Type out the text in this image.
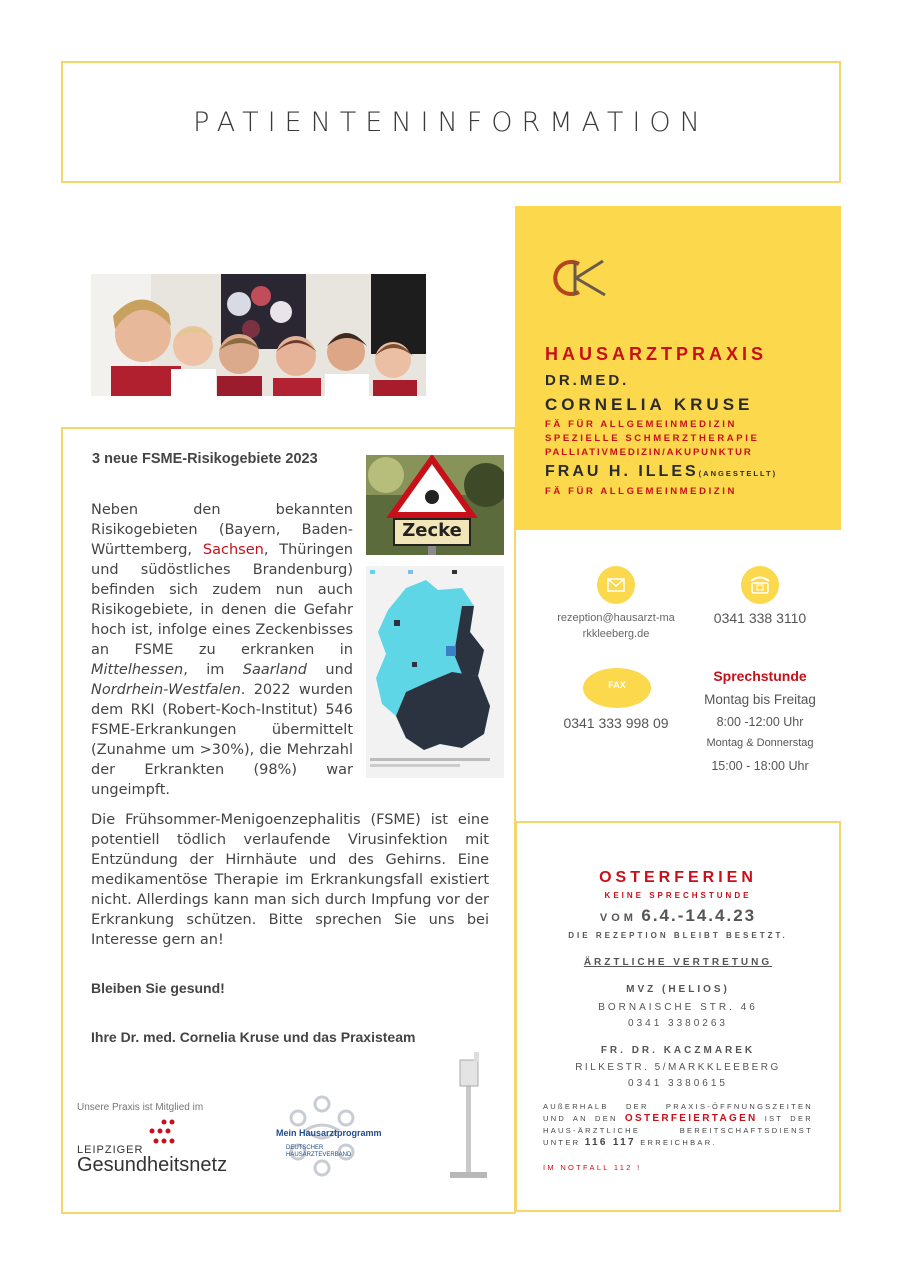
PATIENTENINFORMATION
HAUSARZTPRAXIS
DR.MED.
CORNELIA KRUSE
FÄ FÜR ALLGEMEINMEDIZIN
SPEZIELLE SCHMERZTHERAPIE
PALLIATIVMEDIZIN/AKUPUNKTUR
FRAU H. ILLES(ANGESTELLT)
FÄ FÜR ALLGEMEINMEDIZIN
3 neue FSME-Risikogebiete 2023
Neben den bekannten Risikogebieten (Bayern, Baden-Württemberg, Sachsen, Thüringen und südöstliches Brandenburg) befinden sich zudem nun auch Risikogebiete, in denen die Gefahr hoch ist, infolge eines Zeckenbisses an FSME zu erkranken in Mittelhessen, im Saarland und Nordrhein-Westfalen. 2022 wurden dem RKI (Robert-Koch-Institut) 546 FSME-Erkrankungen übermittelt (Zunahme um >30%), die Mehrzahl der Erkrankten (98%) war ungeimpft.
Zecke
Die Frühsommer-Menigoenzephalitis (FSME) ist eine potentiell tödlich verlaufende Virusinfektion mit Entzündung der Hirnhäute und des Gehirns. Eine medikamentöse Therapie im Erkrankungsfall existiert nicht. Allerdings kann man sich durch Impfung vor der Erkrankung schützen. Bitte sprechen Sie uns bei Interesse gern an!
Bleiben Sie gesund!
Ihre Dr. med. Cornelia Kruse und das Praxisteam
Unsere Praxis ist Mitglied im
LEIPZIGER
Gesundheitsnetz
Mein Hausarztprogramm
DEUTSCHER HAUSÄRZTEVERBAND
rezeption@hausarzt-markkleeberg.de
0341 338 3110
FAX
0341 333 998 09
Sprechstunde
Montag bis Freitag
8:00 -12:00 Uhr
Montag & Donnerstag
15:00 - 18:00 Uhr
OSTERFERIEN
KEINE SPRECHSTUNDE
VOM 6.4.-14.4.23
DIE REZEPTION BLEIBT BESETZT.
ÄRZTLICHE VERTRETUNG
MVZ (HELIOS)
BORNAISCHE STR. 46
0341 3380263
FR. DR. KACZMAREK
RILKESTR. 5/MARKKLEEBERG
0341 3380615
AUßERHALB DER PRAXIS-ÖFFNUNGSZEITEN UND AN DEN OSTERFEIERTAGEN IST DER HAUS-ÄRZTLICHE BEREITSCHAFTSDIENST UNTER 116 117 ERREICHBAR.
IM NOTFALL 112 !
